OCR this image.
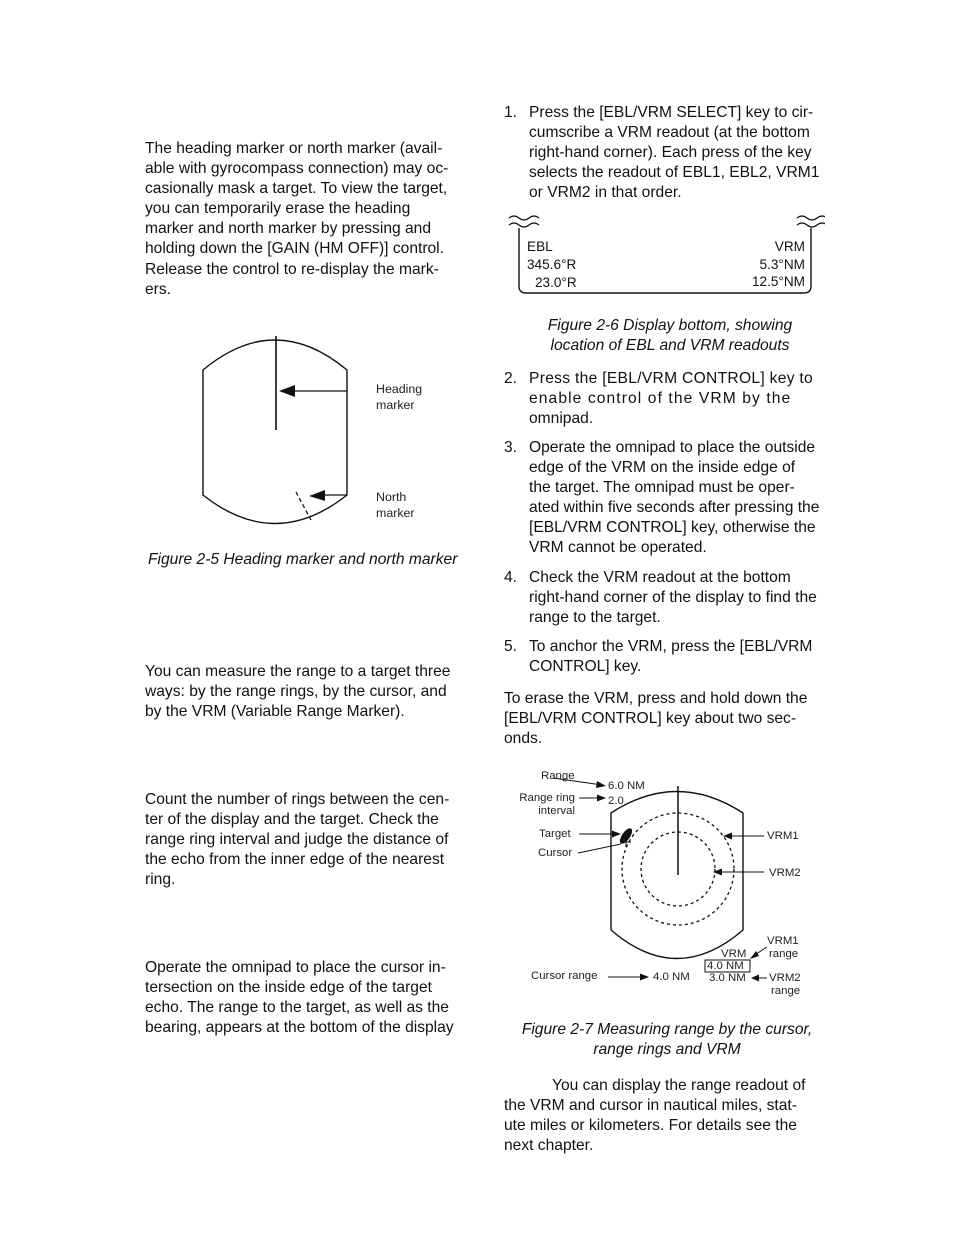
The heading marker or north marker (avail-
able with gyrocompass connection) may oc-
casionally mask a target. To view the target,
you can temporarily erase the heading
marker and north marker by pressing and
holding down the [GAIN (HM OFF)] control.
Release the control to re-display the mark-
ers.
Heading
marker
North
marker
Figure 2-5 Heading marker and north marker
You can measure the range to a target three
ways: by the range rings, by the cursor, and
by the VRM (Variable Range Marker).
Count the number of rings between the cen-
ter of the display and the target. Check the
range ring interval and judge the distance of
the echo from the inner edge of the nearest
ring.
Operate the omnipad to place the cursor in-
tersection on the inside edge of the target
echo. The range to the target, as well as the
bearing, appears at the bottom of the display
1. Press the [EBL/VRM SELECT] key to cir-
cumscribe a VRM readout (at the bottom
right-hand corner). Each press of the key
selects the readout of EBL1, EBL2, VRM1
or VRM2 in that order.
EBL
345.6°R
23.0°R
VRM
5.3°NM
12.5°NM
Figure 2-6 Display bottom, showing
location of EBL and VRM readouts
2. Press the [EBL/VRM CONTROL] key to
enable control of the VRM by the
omnipad.
3. Operate the omnipad to place the outside
edge of the VRM on the inside edge of
the target. The omnipad must be oper-
ated within five seconds after pressing the
[EBL/VRM CONTROL] key, otherwise the
VRM cannot be operated.
4. Check the VRM readout at the bottom
right-hand corner of the display to find the
range to the target.
5. To anchor the VRM, press the [EBL/VRM
CONTROL] key.
To erase the VRM, press and hold down the
[EBL/VRM CONTROL] key about two sec-
onds.
Range
6.0 NM
Range ring
interval
2.0
Target
Cursor
VRM1
VRM2
VRM1
range
VRM
4.0 NM
3.0 NM VRM2
range
Cursor range	4.0 NM
Figure 2-7 Measuring range by the cursor,
range rings and VRM
You can display the range readout of
the VRM and cursor in nautical miles, stat-
ute miles or kilometers. For details see the
next chapter.
